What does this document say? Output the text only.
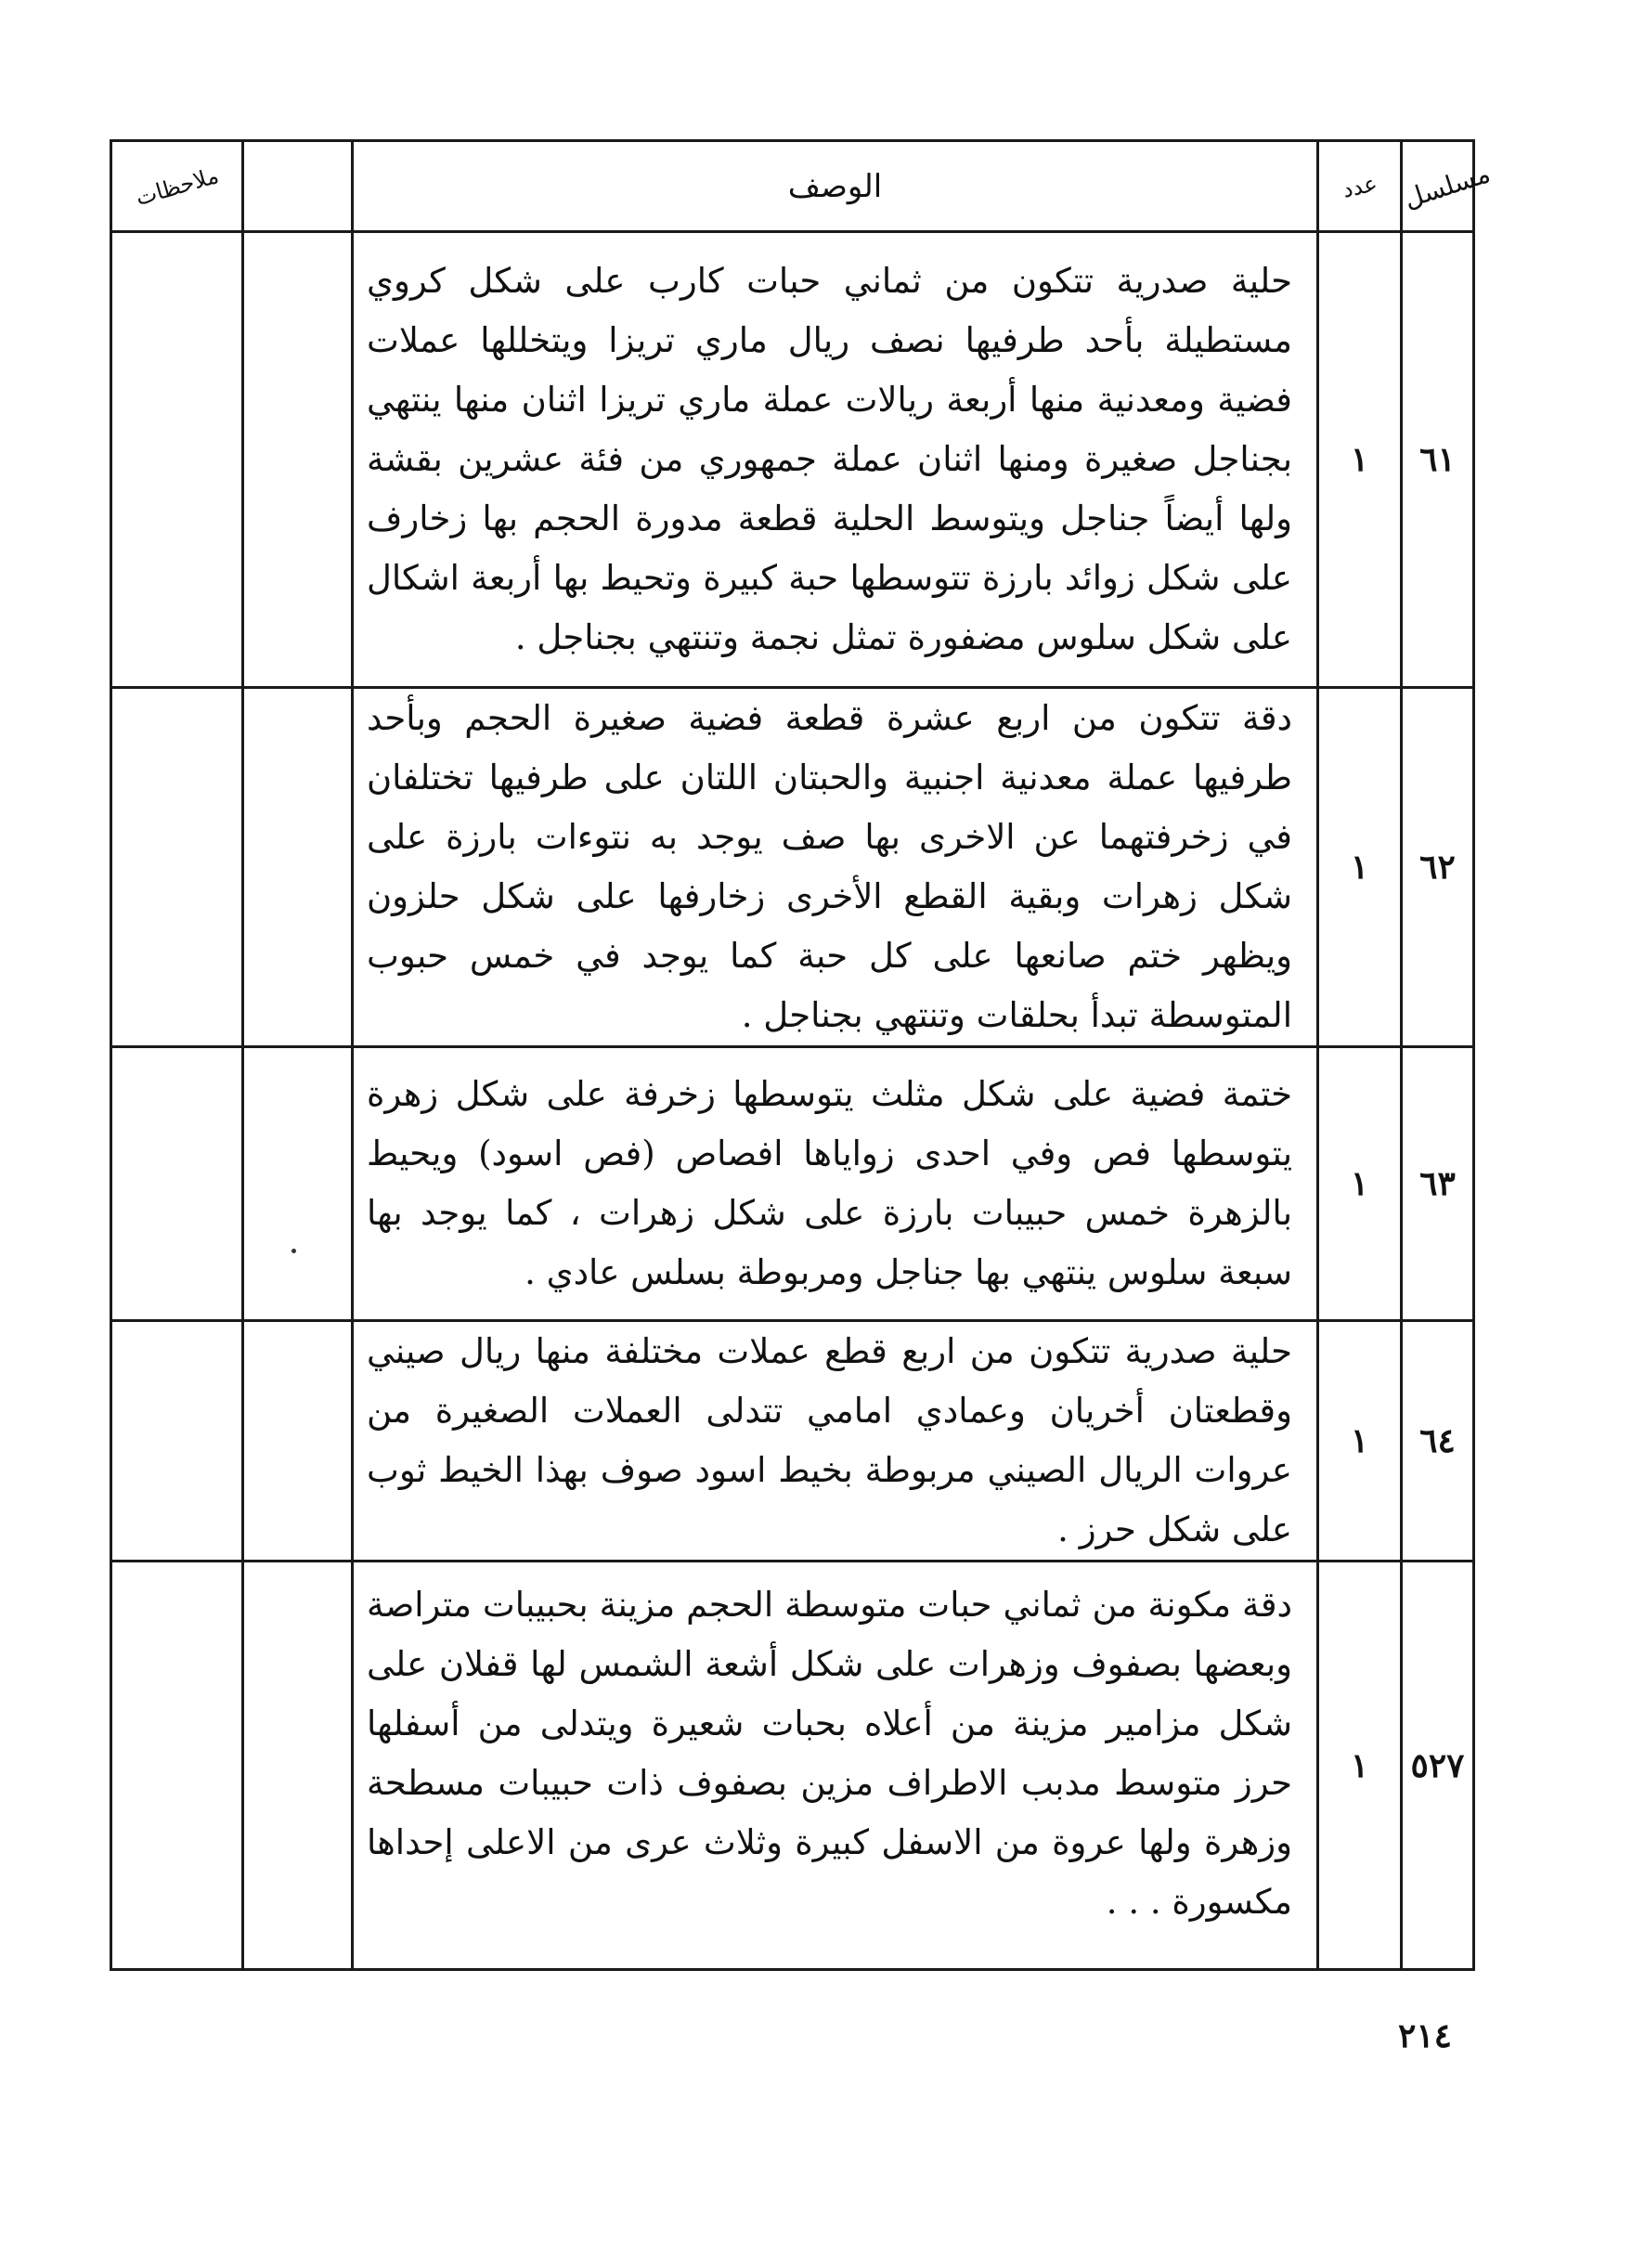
ملاحظات		الوصف	عدد	مسلسل

		حلية صدرية تتكون من ثماني حبات كارب على شكل كروي مستطيلة بأحد طرفيها نصف ريال ماري تريزا ويتخللها عملات فضية ومعدنية منها أربعة ريالات عملة ماري تريزا اثنان منها ينتهي بجناجل صغيرة ومنها اثنان عملة جمهوري من فئة عشرين بقشة ولها أيضاً جناجل ويتوسط الحلية قطعة مدورة الحجم بها زخارف على شكل زوائد بارزة تتوسطها حبة كبيرة وتحيط بها أربعة اشكال على شكل سلوس مضفورة تمثل نجمة وتنتهي بجناجل .	١	٦١

		دقة تتكون من اربع عشرة قطعة فضية صغيرة الحجم وبأحد طرفيها عملة معدنية اجنبية والحبتان اللتان على طرفيها تختلفان في زخرفتهما عن الاخرى بها صف يوجد به نتوءات بارزة على شكل زهرات وبقية القطع الأخرى زخارفها على شكل حلزون ويظهر ختم صانعها على كل حبة كما يوجد في خمس حبوب المتوسطة تبدأ بحلقات وتنتهي بجناجل .	١	٦٢

		ختمة فضية على شكل مثلث يتوسطها زخرفة على شكل زهرة يتوسطها فص وفي احدى زواياها افصاص (فص اسود) ويحيط بالزهرة خمس حبيبات بارزة على شكل زهرات ، كما يوجد بها سبعة سلوس ينتهي بها جناجل ومربوطة بسلس عادي .	١	٦٣

		حلية صدرية تتكون من اربع قطع عملات مختلفة منها ريال صيني وقطعتان أخريان وعمادي امامي تتدلى العملات الصغيرة من عروات الريال الصيني مربوطة بخيط اسود صوف بهذا الخيط ثوب على شكل حرز .	١	٦٤

		دقة مكونة من ثماني حبات متوسطة الحجم مزينة بحبيبات متراصة وبعضها بصفوف وزهرات على شكل أشعة الشمس لها قفلان على شكل مزامير مزينة من أعلاه بحبات شعيرة ويتدلى من أسفلها حرز متوسط مدبب الاطراف مزين بصفوف ذات حبيبات مسطحة وزهرة ولها عروة من الاسفل كبيرة وثلاث عرى من الاعلى إحداها مكسورة . . .	١	٥٢٧
٢١٤
